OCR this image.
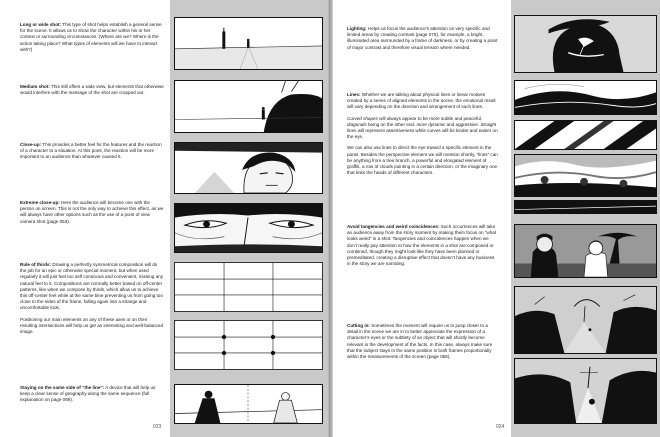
Long or wide shot: This type of shot helps establish a general sense for the scene. It allows us to show the character within his or her context or surrounding circumstances. (Where are we? Where is the action taking place? What types of elements will we have to interact with?)
Medium shot: This still offers a wide view, but elements that otherwise would interfere with the message of the shot are cropped out.
Close-up: This provides a better feel for the features and the reaction of a character to a situation. At this point, the reaction will be more important to an audience than whatever caused it.
Extreme close-up: Here the audience will become one with the person on screen. This is not the only way to achieve this effect, as we will always have other options such as the use of a point of view camera shot (page 053).
Rule of thirds: Drawing a perfectly symmetrical composition will do the job for an epic or otherwise special moment, but when used regularly it will just feel too self conscious and convenient, missing any natural feel to it. Compositions are normally better based on off-center patterns, like when we compose by thirds, which allow us to achieve this off-center feel while at the same time preventing us from going too close to the sides of the frame, falling again into a strange and uncomfortable look.
Positioning our main elements on any of these axes or on their resulting intersections will help us get an interesting and well-balanced image.
Staying on the same side of “the line”: A device that will help us keep a clear sense of geography along the same sequence (full explanation on page 069).
023
Lighting: Helps us focus the audience’s attention on very specific and limited areas by creating contrast (page 075), for example, a bright, illuminated area surrounded by a frame of darkness, or by creating a point of major contrast and therefore visual tension where needed.
Lines: Whether we are talking about physical lines or linear motives created by a series of aligned elements in the scene, the emotional result will vary depending on the direction and arrangement of such lines.
Curved shapes will always appear to be more subtle and peaceful, diagonals being on the other end, more dynamic and aggressive. Straight lines will represent assertiveness while curves will be kinder and easier on the eye.
We can also use lines to direct the eye toward a specific element in the panel. Besides the perspective element we will mention shortly, “lines” can be anything from a tree branch, a powerful and elongated element of graffiti, a row of clouds pointing in a certain direction, or the imaginary one that links the heads of different characters.
Avoid tangencies and weird coincidences: Such occurrences will take an audience away from the story moment by making them focus on “what looks weird” in a shot. Tangencies and coincidences happen when we don’t really pay attention to how the elements in a shot are composed or combined, though they might look like they have been planned or premeditated, creating a disruptive effect that doesn’t have any business in the story we are narrating.
Cutting in: Sometimes the moment will require us to jump closer to a detail in the scene we are in to better appreciate the expression of a character’s eyes or the subtlety of an object that will shortly become relevant in the development of the facts. In this case, always make sure that the subject stays in the same position in both frames proportionally within the measurements of the screen (page 055).
024
